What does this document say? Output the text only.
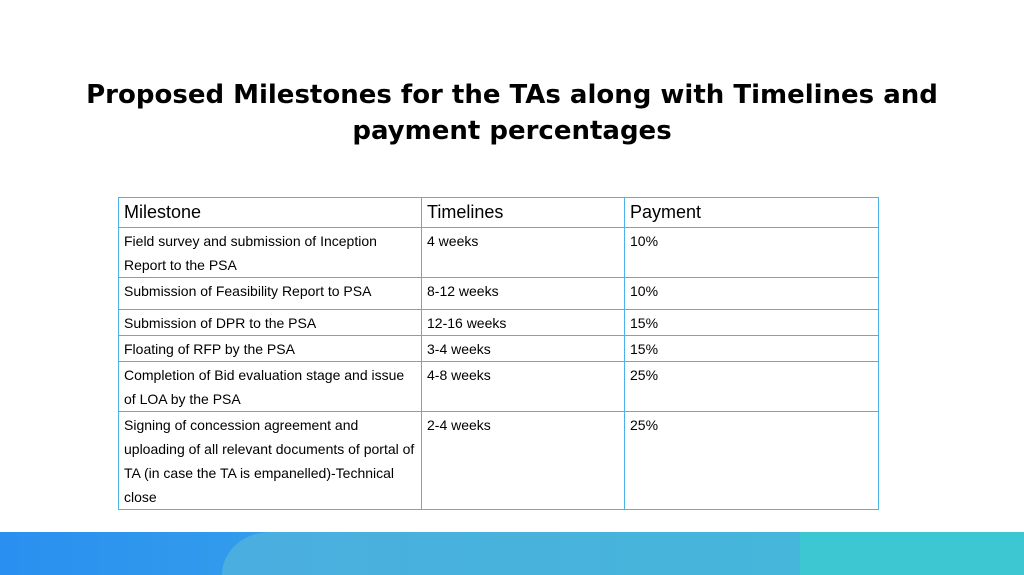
Proposed Milestones for the TAs along with Timelines and payment percentages
Milestone	Timelines	Payment
Field survey and submission of Inception Report to the PSA	4 weeks	10%
Submission of Feasibility Report to PSA	8-12 weeks	10%
Submission of DPR to the PSA	12-16 weeks	15%
Floating of RFP by the PSA	3-4 weeks	15%
Completion of Bid evaluation stage and issue of LOA by the PSA	4-8 weeks	25%
Signing of concession agreement and uploading of all relevant documents of portal of TA (in case the TA is empanelled)-Technical close	2-4 weeks	25%
